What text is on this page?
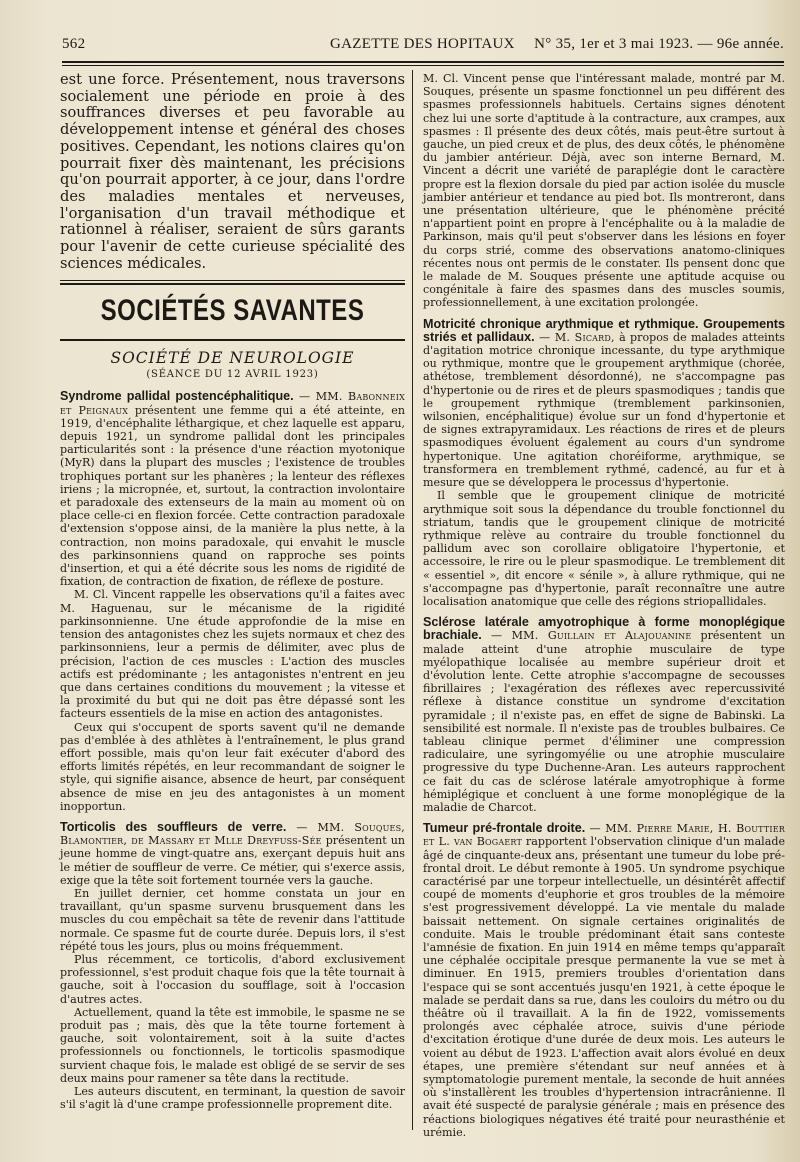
562	GAZETTE DES HOPITAUX N° 35, 1er et 3 mai 1923. — 96e année.

est une force. Présentement, nous traversons socialement une période en proie à des souffrances diverses et peu favorable au développement intense et général des choses positives. Cependant, les notions claires qu'on pourrait fixer dès maintenant, les précisions qu'on pourrait apporter, à ce jour, dans l'ordre des maladies mentales et nerveuses, l'organisation d'un travail méthodique et rationnel à réaliser, seraient de sûrs garants pour l'avenir de cette curieuse spécialité des sciences médicales.

SOCIÉTÉS SAVANTES
SOCIÉTÉ DE NEUROLOGIE
(SÉANCE DU 12 AVRIL 1923)

Syndrome pallidal postencéphalitique. — MM. Babonneix et Peignaux présentent une femme qui a été atteinte, en 1919, d'encéphalite léthargique, et chez laquelle est apparu, depuis 1921, un syndrome pallidal dont les principales particularités sont : la présence d'une réaction myotonique (MyR) dans la plupart des muscles ; l'existence de troubles trophiques portant sur les phanères ; la lenteur des réflexes iriens ; la micropnée, et, surtout, la contraction involontaire et paradoxale des extenseurs de la main au moment où on place celle-ci en flexion forcée. Cette contraction paradoxale d'extension s'oppose ainsi, de la manière la plus nette, à la contraction, non moins paradoxale, qui envahit le muscle des parkinsonniens quand on rapproche ses points d'insertion, et qui a été décrite sous les noms de rigidité de fixation, de contraction de fixation, de réflexe de posture.

M. Cl. Vincent rappelle les observations qu'il a faites avec M. Haguenau, sur le mécanisme de la rigidité parkinsonnienne. Une étude approfondie de la mise en tension des antagonistes chez les sujets normaux et chez des parkinsonniens, leur a permis de délimiter, avec plus de précision, l'action de ces muscles : L'action des muscles actifs est prédominante ; les antagonistes n'entrent en jeu que dans certaines conditions du mouvement ; la vitesse et la proximité du but qui ne doit pas être dépassé sont les facteurs essentiels de la mise en action des antagonistes.

Ceux qui s'occupent de sports savent qu'il ne demande pas d'emblée à des athlètes à l'entraînement, le plus grand effort possible, mais qu'on leur fait exécuter d'abord des efforts limités répétés, en leur recommandant de soigner le style, qui signifie aisance, absence de heurt, par conséquent absence de mise en jeu des antagonistes à un moment inopportun.

Torticolis des souffleurs de verre. — MM. Souques, Blamontier, de Massary et Mlle Dreyfuss-Sée présentent un jeune homme de vingt-quatre ans, exerçant depuis huit ans le métier de souffleur de verre. Ce métier, qui s'exerce assis, exige que la tête soit fortement tournée vers la gauche.

En juillet dernier, cet homme constata un jour en travaillant, qu'un spasme survenu brusquement dans les muscles du cou empêchait sa tête de revenir dans l'attitude normale. Ce spasme fut de courte durée. Depuis lors, il s'est répété tous les jours, plus ou moins fréquemment.

Plus récemment, ce torticolis, d'abord exclusivement professionnel, s'est produit chaque fois que la tête tournait à gauche, soit à l'occasion du soufflage, soit à l'occasion d'autres actes.

Actuellement, quand la tête est immobile, le spasme ne se produit pas ; mais, dès que la tête tourne fortement à gauche, soit volontairement, soit à la suite d'actes professionnels ou fonctionnels, le torticolis spasmodique survient chaque fois, le malade est obligé de se servir de ses deux mains pour ramener sa tête dans la rectitude.

Les auteurs discutent, en terminant, la question de savoir s'il s'agit là d'une crampe professionnelle proprement dite.

M. Cl. Vincent pense que l'intéressant malade, montré par M. Souques, présente un spasme fonctionnel un peu différent des spasmes professionnels habituels. Certains signes dénotent chez lui une sorte d'aptitude à la contracture, aux crampes, aux spasmes : Il présente des deux côtés, mais peut-être surtout à gauche, un pied creux et de plus, des deux côtés, le phénomène du jambier antérieur. Déjà, avec son interne Bernard, M. Vincent a décrit une variété de paraplégie dont le caractère propre est la flexion dorsale du pied par action isolée du muscle jambier antérieur et tendance au pied bot. Ils montreront, dans une présentation ultérieure, que le phénomène précité n'appartient point en propre à l'encéphalite ou à la maladie de Parkinson, mais qu'il peut s'observer dans les lésions en foyer du corps strié, comme des observations anatomo-cliniques récentes nous ont permis de le constater. Ils pensent donc que le malade de M. Souques présente une aptitude acquise ou congénitale à faire des spasmes dans des muscles soumis, professionnellement, à une excitation prolongée.

Motricité chronique arythmique et rythmique. Groupements striés et pallidaux. — M. Sicard, à propos de malades atteints d'agitation motrice chronique incessante, du type arythmique ou rythmique, montre que le groupement arythmique (chorée, athétose, tremblement désordonné), ne s'accompagne pas d'hypertonie ou de rires et de pleurs spasmodiques ; tandis que le groupement rythmique (tremblement parkinsonien, wilsonien, encéphalitique) évolue sur un fond d'hypertonie et de signes extrapyramidaux. Les réactions de rires et de pleurs spasmodiques évoluent également au cours d'un syndrome hypertonique. Une agitation choréiforme, arythmique, se transformera en tremblement rythmé, cadencé, au fur et à mesure que se développera le processus d'hypertonie.

Il semble que le groupement clinique de motricité arythmique soit sous la dépendance du trouble fonctionnel du striatum, tandis que le groupement clinique de motricité rythmique relève au contraire du trouble fonctionnel du pallidum avec son corollaire obligatoire l'hypertonie, et accessoire, le rire ou le pleur spasmodique. Le tremblement dit « essentiel », dit encore « sénile », à allure rythmique, qui ne s'accompagne pas d'hypertonie, paraît reconnaître une autre localisation anatomique que celle des régions striopallidales.

Sclérose latérale amyotrophique à forme monoplégique brachiale. — MM. Guillain et Alajouanine présentent un malade atteint d'une atrophie musculaire de type myélopathique localisée au membre supérieur droit et d'évolution lente. Cette atrophie s'accompagne de secousses fibrillaires ; l'exagération des réflexes avec repercussivité réflexe à distance constitue un syndrome d'excitation pyramidale ; il n'existe pas, en effet de signe de Babinski. La sensibilité est normale. Il n'existe pas de troubles bulbaires. Ce tableau clinique permet d'éliminer une compression radiculaire, une syringomyélie ou une atrophie musculaire progressive du type Duchenne-Aran. Les auteurs rapprochent ce fait du cas de sclérose latérale amyotrophique à forme hémiplégique et concluent à une forme monoplégique de la maladie de Charcot.

Tumeur pré-frontale droite. — MM. Pierre Marie, H. Bouttier et L. van Bogaert rapportent l'observation clinique d'un malade âgé de cinquante-deux ans, présentant une tumeur du lobe pré-frontal droit. Le début remonte à 1905. Un syndrome psychique caractérisé par une torpeur intellectuelle, un désintérêt affectif coupé de moments d'euphorie et gros troubles de la mémoire s'est progressivement développé. La vie mentale du malade baissait nettement. On signale certaines originalités de conduite. Mais le trouble prédominant était sans conteste l'amnésie de fixation. En juin 1914 en même temps qu'apparaît une céphalée occipitale presque permanente la vue se met à diminuer. En 1915, premiers troubles d'orientation dans l'espace qui se sont accentués jusqu'en 1921, à cette époque le malade se perdait dans sa rue, dans les couloirs du métro ou du théâtre où il travaillait. A la fin de 1922, vomissements prolongés avec céphalée atroce, suivis d'une période d'excitation érotique d'une durée de deux mois. Les auteurs le voient au début de 1923. L'affection avait alors évolué en deux étapes, une première s'étendant sur neuf années et à symptomatologie purement mentale, la seconde de huit années où s'installèrent les troubles d'hypertension intracrânienne. Il avait été suspecté de paralysie générale ; mais en présence des réactions biologiques négatives été traité pour neurasthénie et urémie.
